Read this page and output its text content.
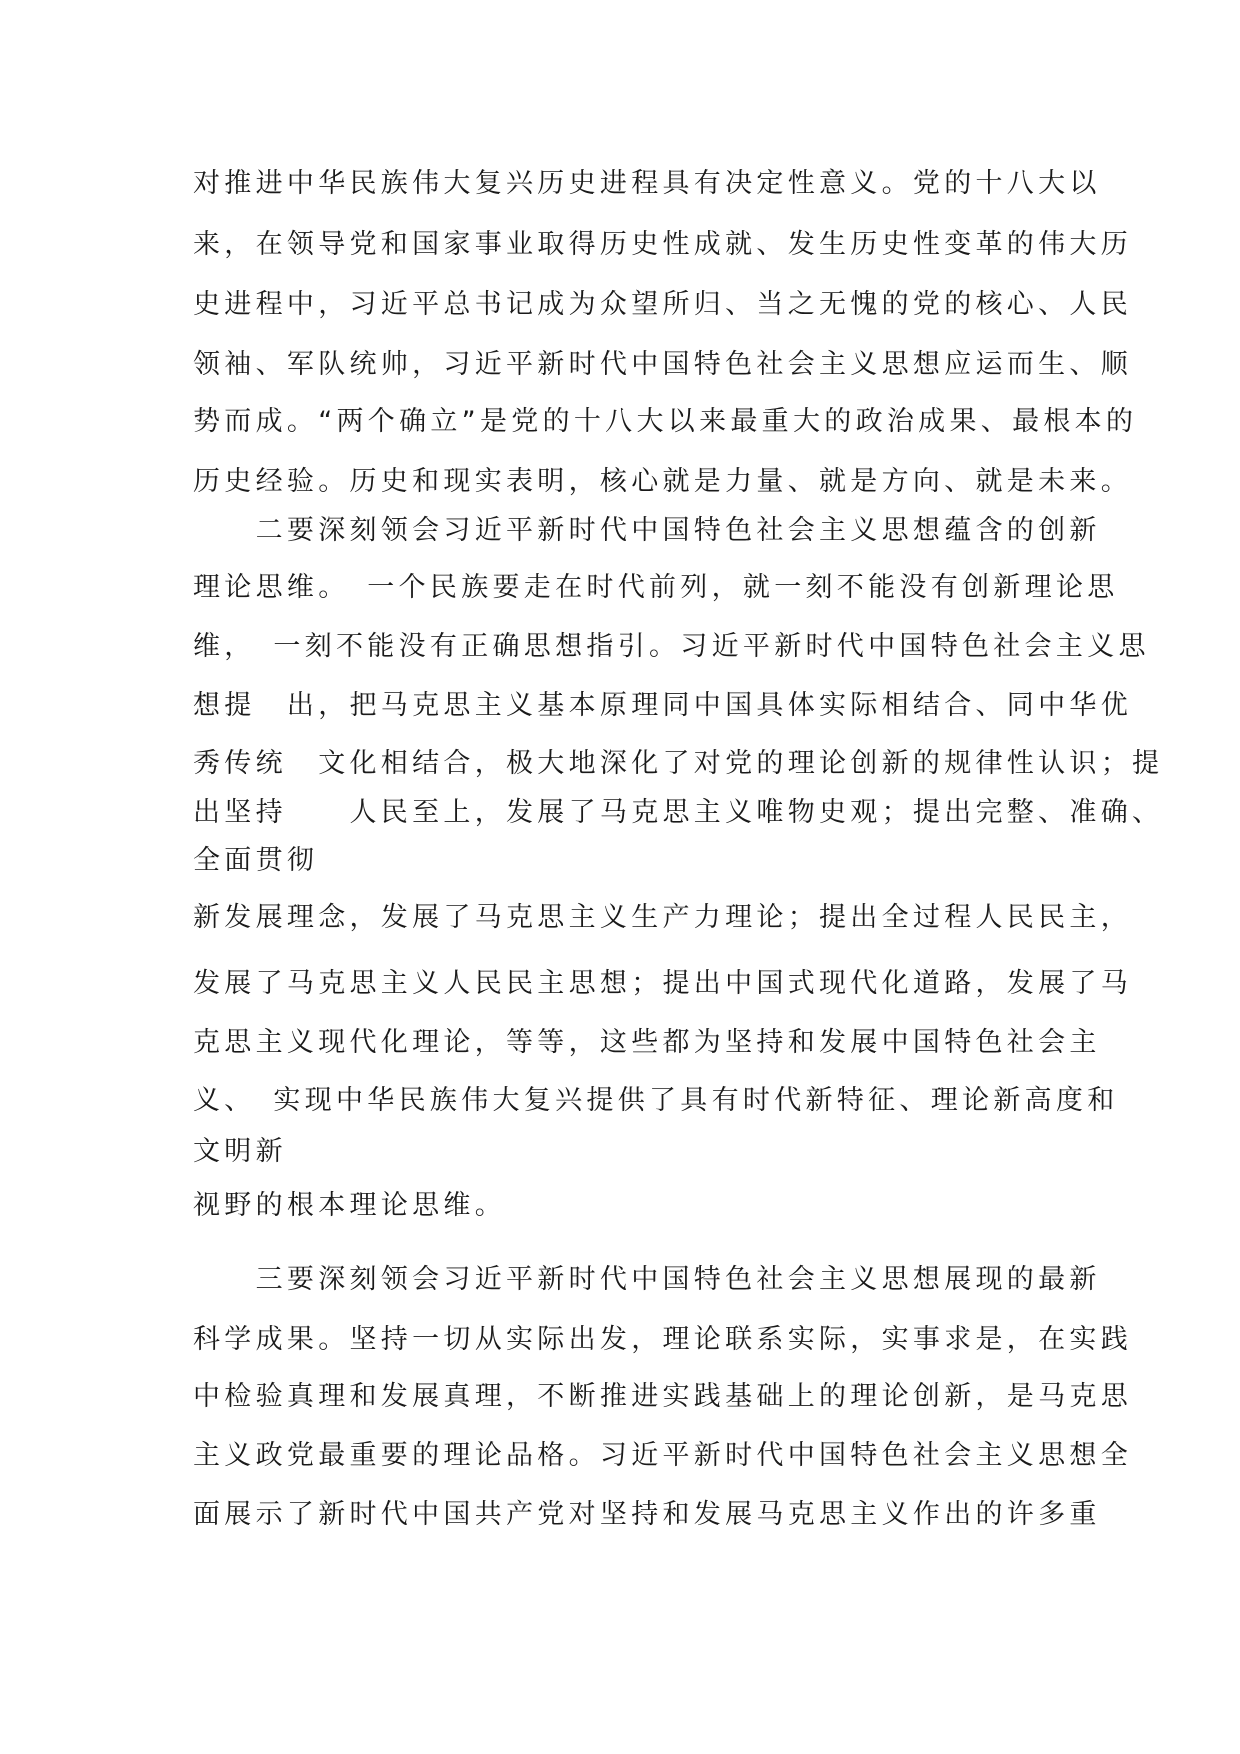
对推进中华民族伟大复兴历史进程具有决定性意义。党的十八大以

来，在领导党和国家事业取得历史性成就、发生历史性变革的伟大历

史进程中，习近平总书记成为众望所归、当之无愧的党的核心、人民

领袖、军队统帅，习近平新时代中国特色社会主义思想应运而生、顺

势而成。“两个确立”是党的十八大以来最重大的政治成果、最根本的

历史经验。历史和现实表明，核心就是力量、就是方向、就是未来。

　　二要深刻领会习近平新时代中国特色社会主义思想蕴含的创新

理论思维。　一个民族要走在时代前列，就一刻不能没有创新理论思

维，　一刻不能没有正确思想指引。习近平新时代中国特色社会主义思

想提　出，把马克思主义基本原理同中国具体实际相结合、同中华优

秀传统　文化相结合，极大地深化了对党的理论创新的规律性认识；提

出坚持　　人民至上，发展了马克思主义唯物史观；提出完整、准确、

全面贯彻

新发展理念，发展了马克思主义生产力理论；提出全过程人民民主，

发展了马克思主义人民民主思想；提出中国式现代化道路，发展了马

克思主义现代化理论，等等，这些都为坚持和发展中国特色社会主

义、　实现中华民族伟大复兴提供了具有时代新特征、理论新高度和

文明新

视野的根本理论思维。

　　三要深刻领会习近平新时代中国特色社会主义思想展现的最新

科学成果。坚持一切从实际出发，理论联系实际，实事求是，在实践

中检验真理和发展真理，不断推进实践基础上的理论创新，是马克思

主义政党最重要的理论品格。习近平新时代中国特色社会主义思想全

面展示了新时代中国共产党对坚持和发展马克思主义作出的许多重
